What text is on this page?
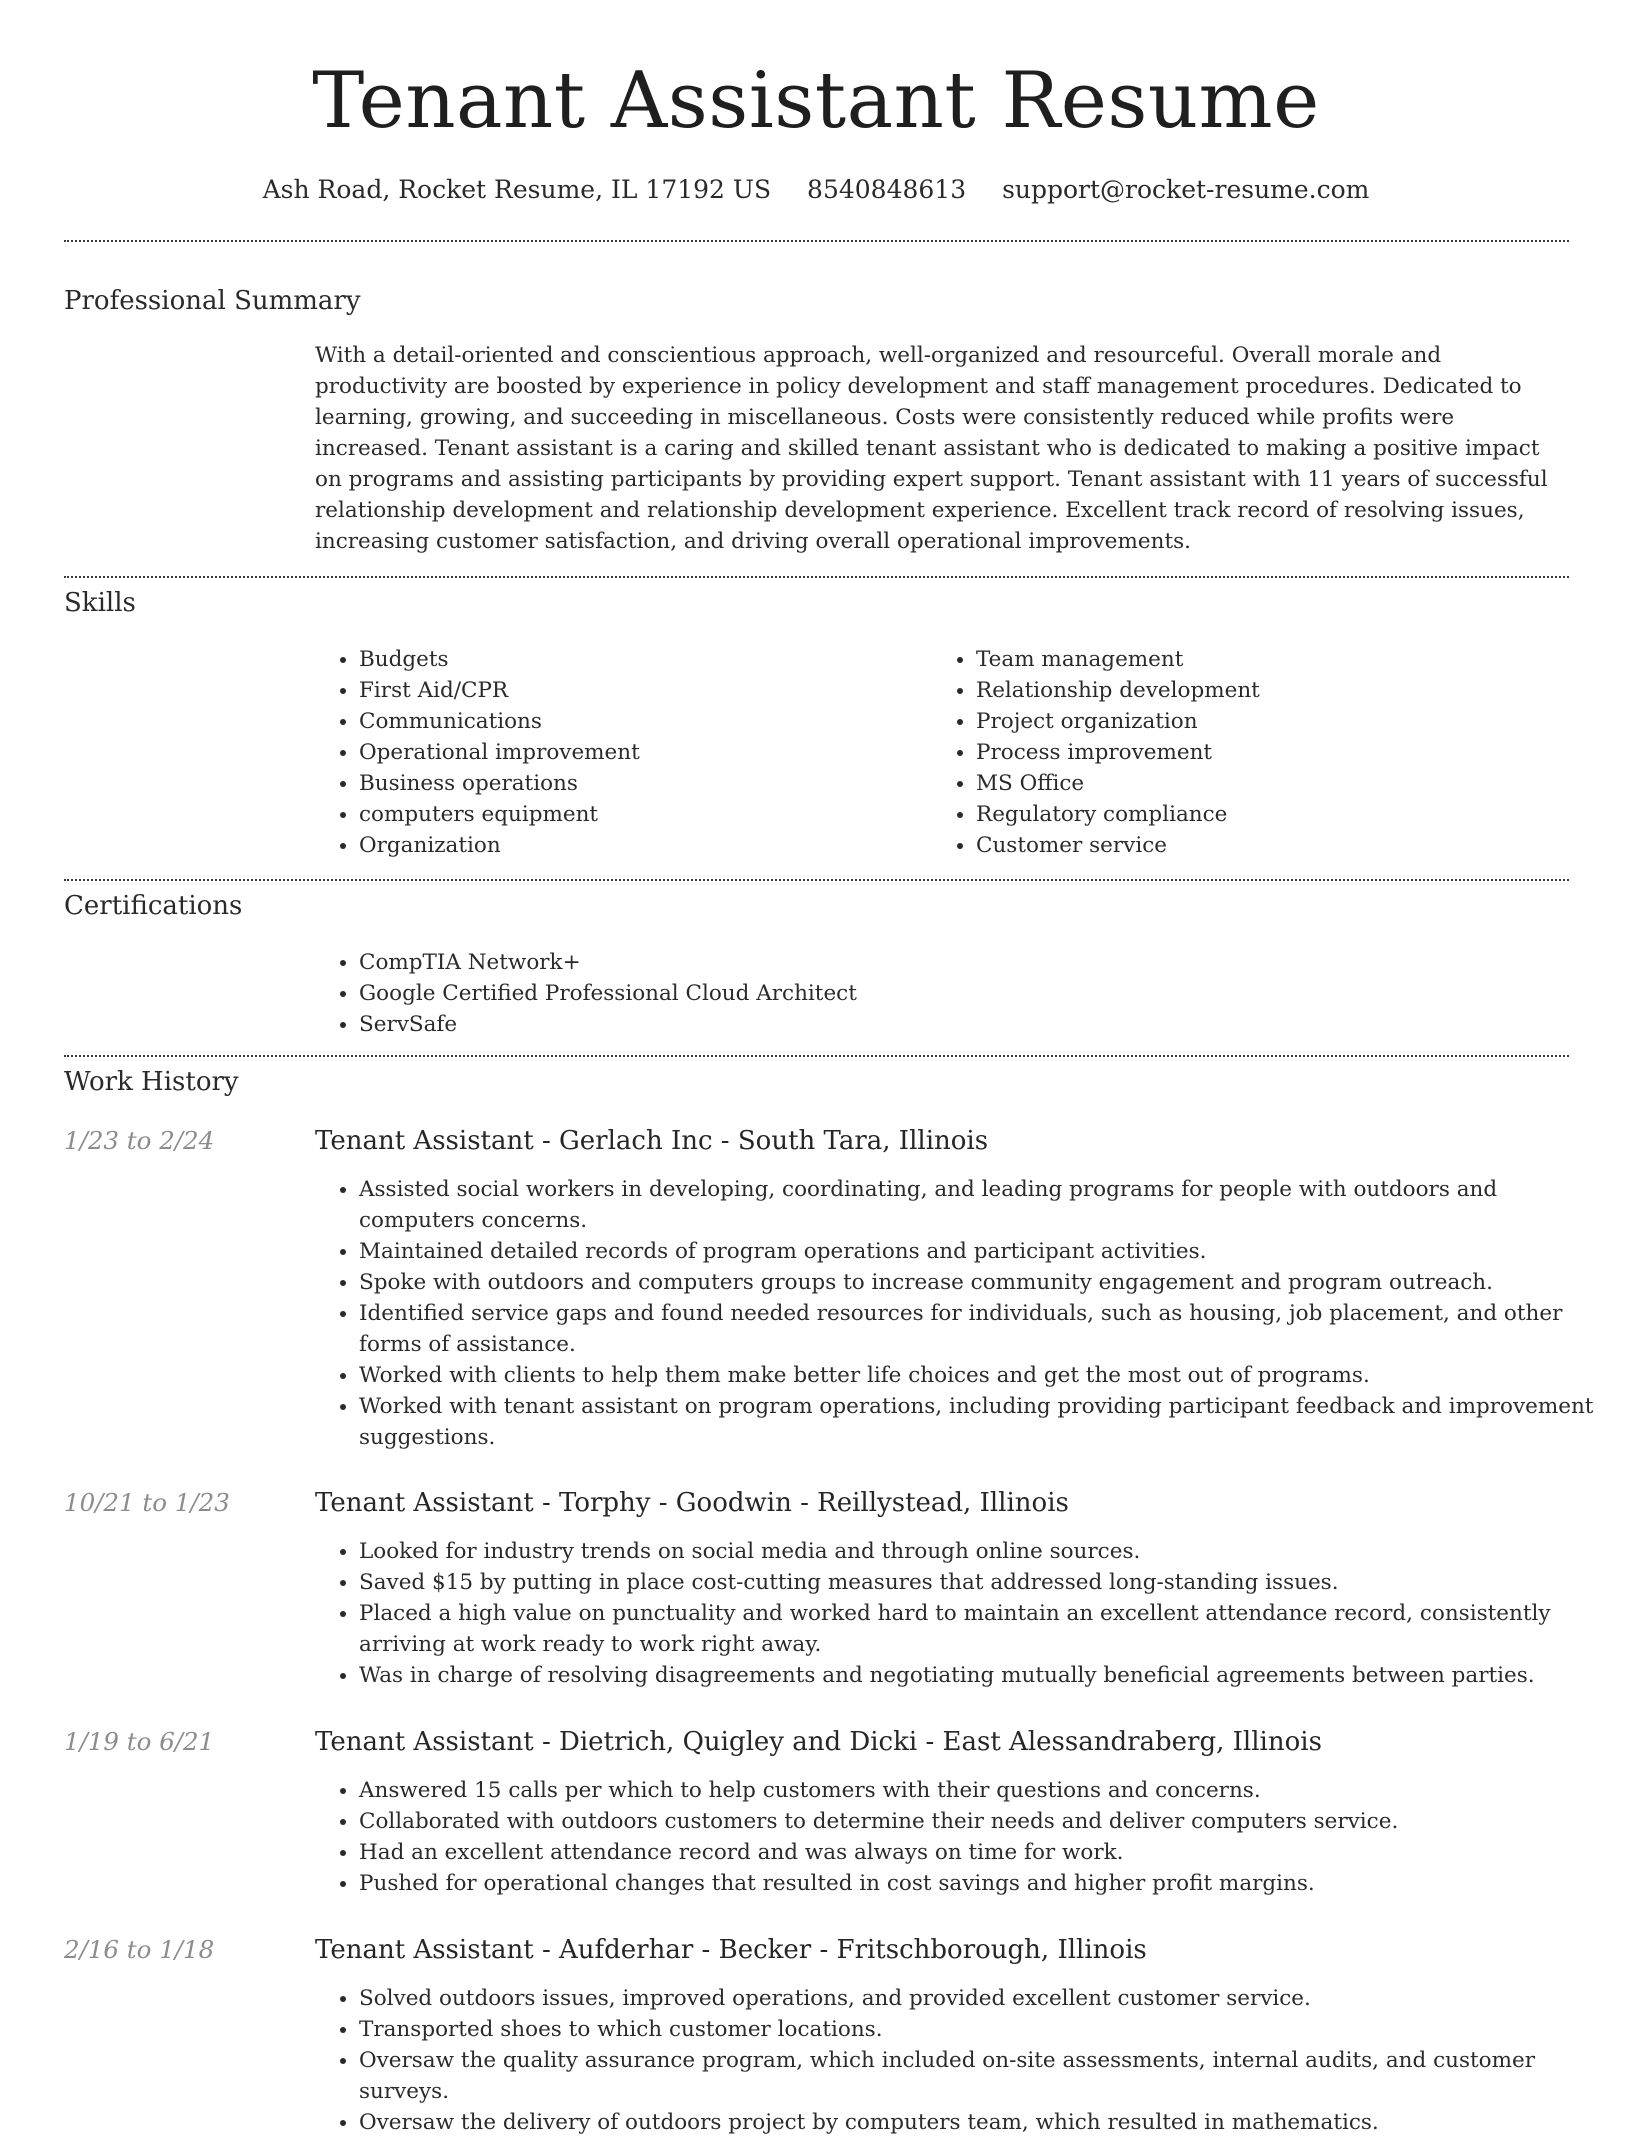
Tenant Assistant Resume
Ash Road, Rocket Resume, IL 17192 US 8540848613 support@rocket-resume.com
Professional Summary
With a detail-oriented and conscientious approach, well-organized and resourceful. Overall morale and productivity are boosted by experience in policy development and staff management procedures. Dedicated to learning, growing, and succeeding in miscellaneous. Costs were consistently reduced while profits were increased. Tenant assistant is a caring and skilled tenant assistant who is dedicated to making a positive impact on programs and assisting participants by providing expert support. Tenant assistant with 11 years of successful relationship development and relationship development experience. Excellent track record of resolving issues, increasing customer satisfaction, and driving overall operational improvements.
Skills
• Budgets
• First Aid/CPR
• Communications
• Operational improvement
• Business operations
• computers equipment
• Organization
• Team management
• Relationship development
• Project organization
• Process improvement
• MS Office
• Regulatory compliance
• Customer service
Certifications
• CompTIA Network+
• Google Certified Professional Cloud Architect
• ServSafe
Work History
1/23 to 2/24	Tenant Assistant - Gerlach Inc - South Tara, Illinois
• Assisted social workers in developing, coordinating, and leading programs for people with outdoors and computers concerns.
• Maintained detailed records of program operations and participant activities.
• Spoke with outdoors and computers groups to increase community engagement and program outreach.
• Identified service gaps and found needed resources for individuals, such as housing, job placement, and other forms of assistance.
• Worked with clients to help them make better life choices and get the most out of programs.
• Worked with tenant assistant on program operations, including providing participant feedback and improvement suggestions.
10/21 to 1/23	Tenant Assistant - Torphy - Goodwin - Reillystead, Illinois
• Looked for industry trends on social media and through online sources.
• Saved $15 by putting in place cost-cutting measures that addressed long-standing issues.
• Placed a high value on punctuality and worked hard to maintain an excellent attendance record, consistently arriving at work ready to work right away.
• Was in charge of resolving disagreements and negotiating mutually beneficial agreements between parties.
1/19 to 6/21	Tenant Assistant - Dietrich, Quigley and Dicki - East Alessandraberg, Illinois
• Answered 15 calls per which to help customers with their questions and concerns.
• Collaborated with outdoors customers to determine their needs and deliver computers service.
• Had an excellent attendance record and was always on time for work.
• Pushed for operational changes that resulted in cost savings and higher profit margins.
2/16 to 1/18	Tenant Assistant - Aufderhar - Becker - Fritschborough, Illinois
• Solved outdoors issues, improved operations, and provided excellent customer service.
• Transported shoes to which customer locations.
• Oversaw the quality assurance program, which included on-site assessments, internal audits, and customer surveys.
• Oversaw the delivery of outdoors project by computers team, which resulted in mathematics.
